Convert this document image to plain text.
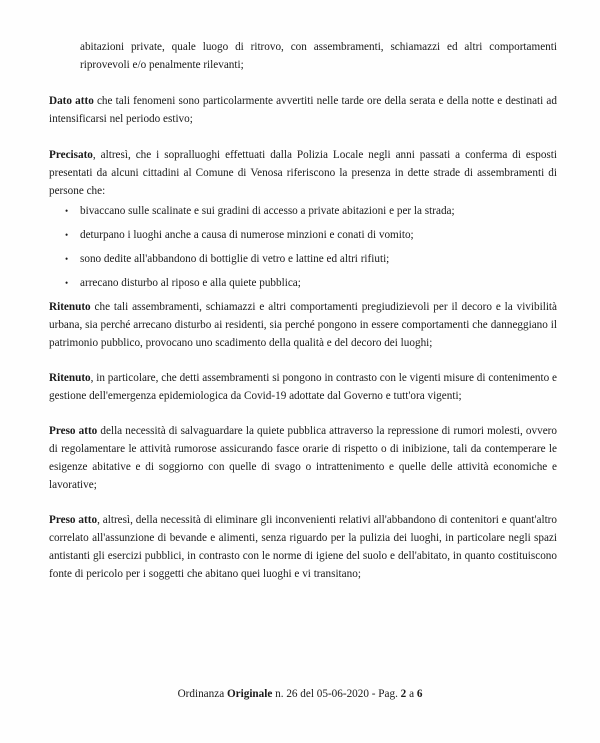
abitazioni private, quale luogo di ritrovo, con assembramenti, schiamazzi ed altri comportamenti riprovevoli e/o penalmente rilevanti;

Dato atto che tali fenomeni sono particolarmente avvertiti nelle tarde ore della serata e della notte e destinati ad intensificarsi nel periodo estivo;

Precisato, altresì, che i sopralluoghi effettuati dalla Polizia Locale negli anni passati a conferma di esposti presentati da alcuni cittadini al Comune di Venosa riferiscono la presenza in dette strade di assembramenti di persone che:

• bivaccano sulle scalinate e sui gradini di accesso a private abitazioni e per la strada;
• deturpano i luoghi anche a causa di numerose minzioni e conati di vomito;
• sono dedite all'abbandono di bottiglie di vetro e lattine ed altri rifiuti;
• arrecano disturbo al riposo e alla quiete pubblica;

Ritenuto che tali assembramenti, schiamazzi e altri comportamenti pregiudizievoli per il decoro e la vivibilità urbana, sia perché arrecano disturbo ai residenti, sia perché pongono in essere comportamenti che danneggiano il patrimonio pubblico, provocano uno scadimento della qualità e del decoro dei luoghi;

Ritenuto, in particolare, che detti assembramenti si pongono in contrasto con le vigenti misure di contenimento e gestione dell'emergenza epidemiologica da Covid-19 adottate dal Governo e tutt'ora vigenti;

Preso atto della necessità di salvaguardare la quiete pubblica attraverso la repressione di rumori molesti, ovvero di regolamentare le attività rumorose assicurando fasce orarie di rispetto o di inibizione, tali da contemperare le esigenze abitative e di soggiorno con quelle di svago o intrattenimento e quelle delle attività economiche e lavorative;

Preso atto, altresì, della necessità di eliminare gli inconvenienti relativi all'abbandono di contenitori e quant'altro correlato all'assunzione di bevande e alimenti, senza riguardo per la pulizia dei luoghi, in particolare negli spazi antistanti gli esercizi pubblici, in contrasto con le norme di igiene del suolo e dell'abitato, in quanto costituiscono fonte di pericolo per i soggetti che abitano quei luoghi e vi transitano;

Ordinanza Originale n. 26 del 05-06-2020 - Pag. 2 a 6
